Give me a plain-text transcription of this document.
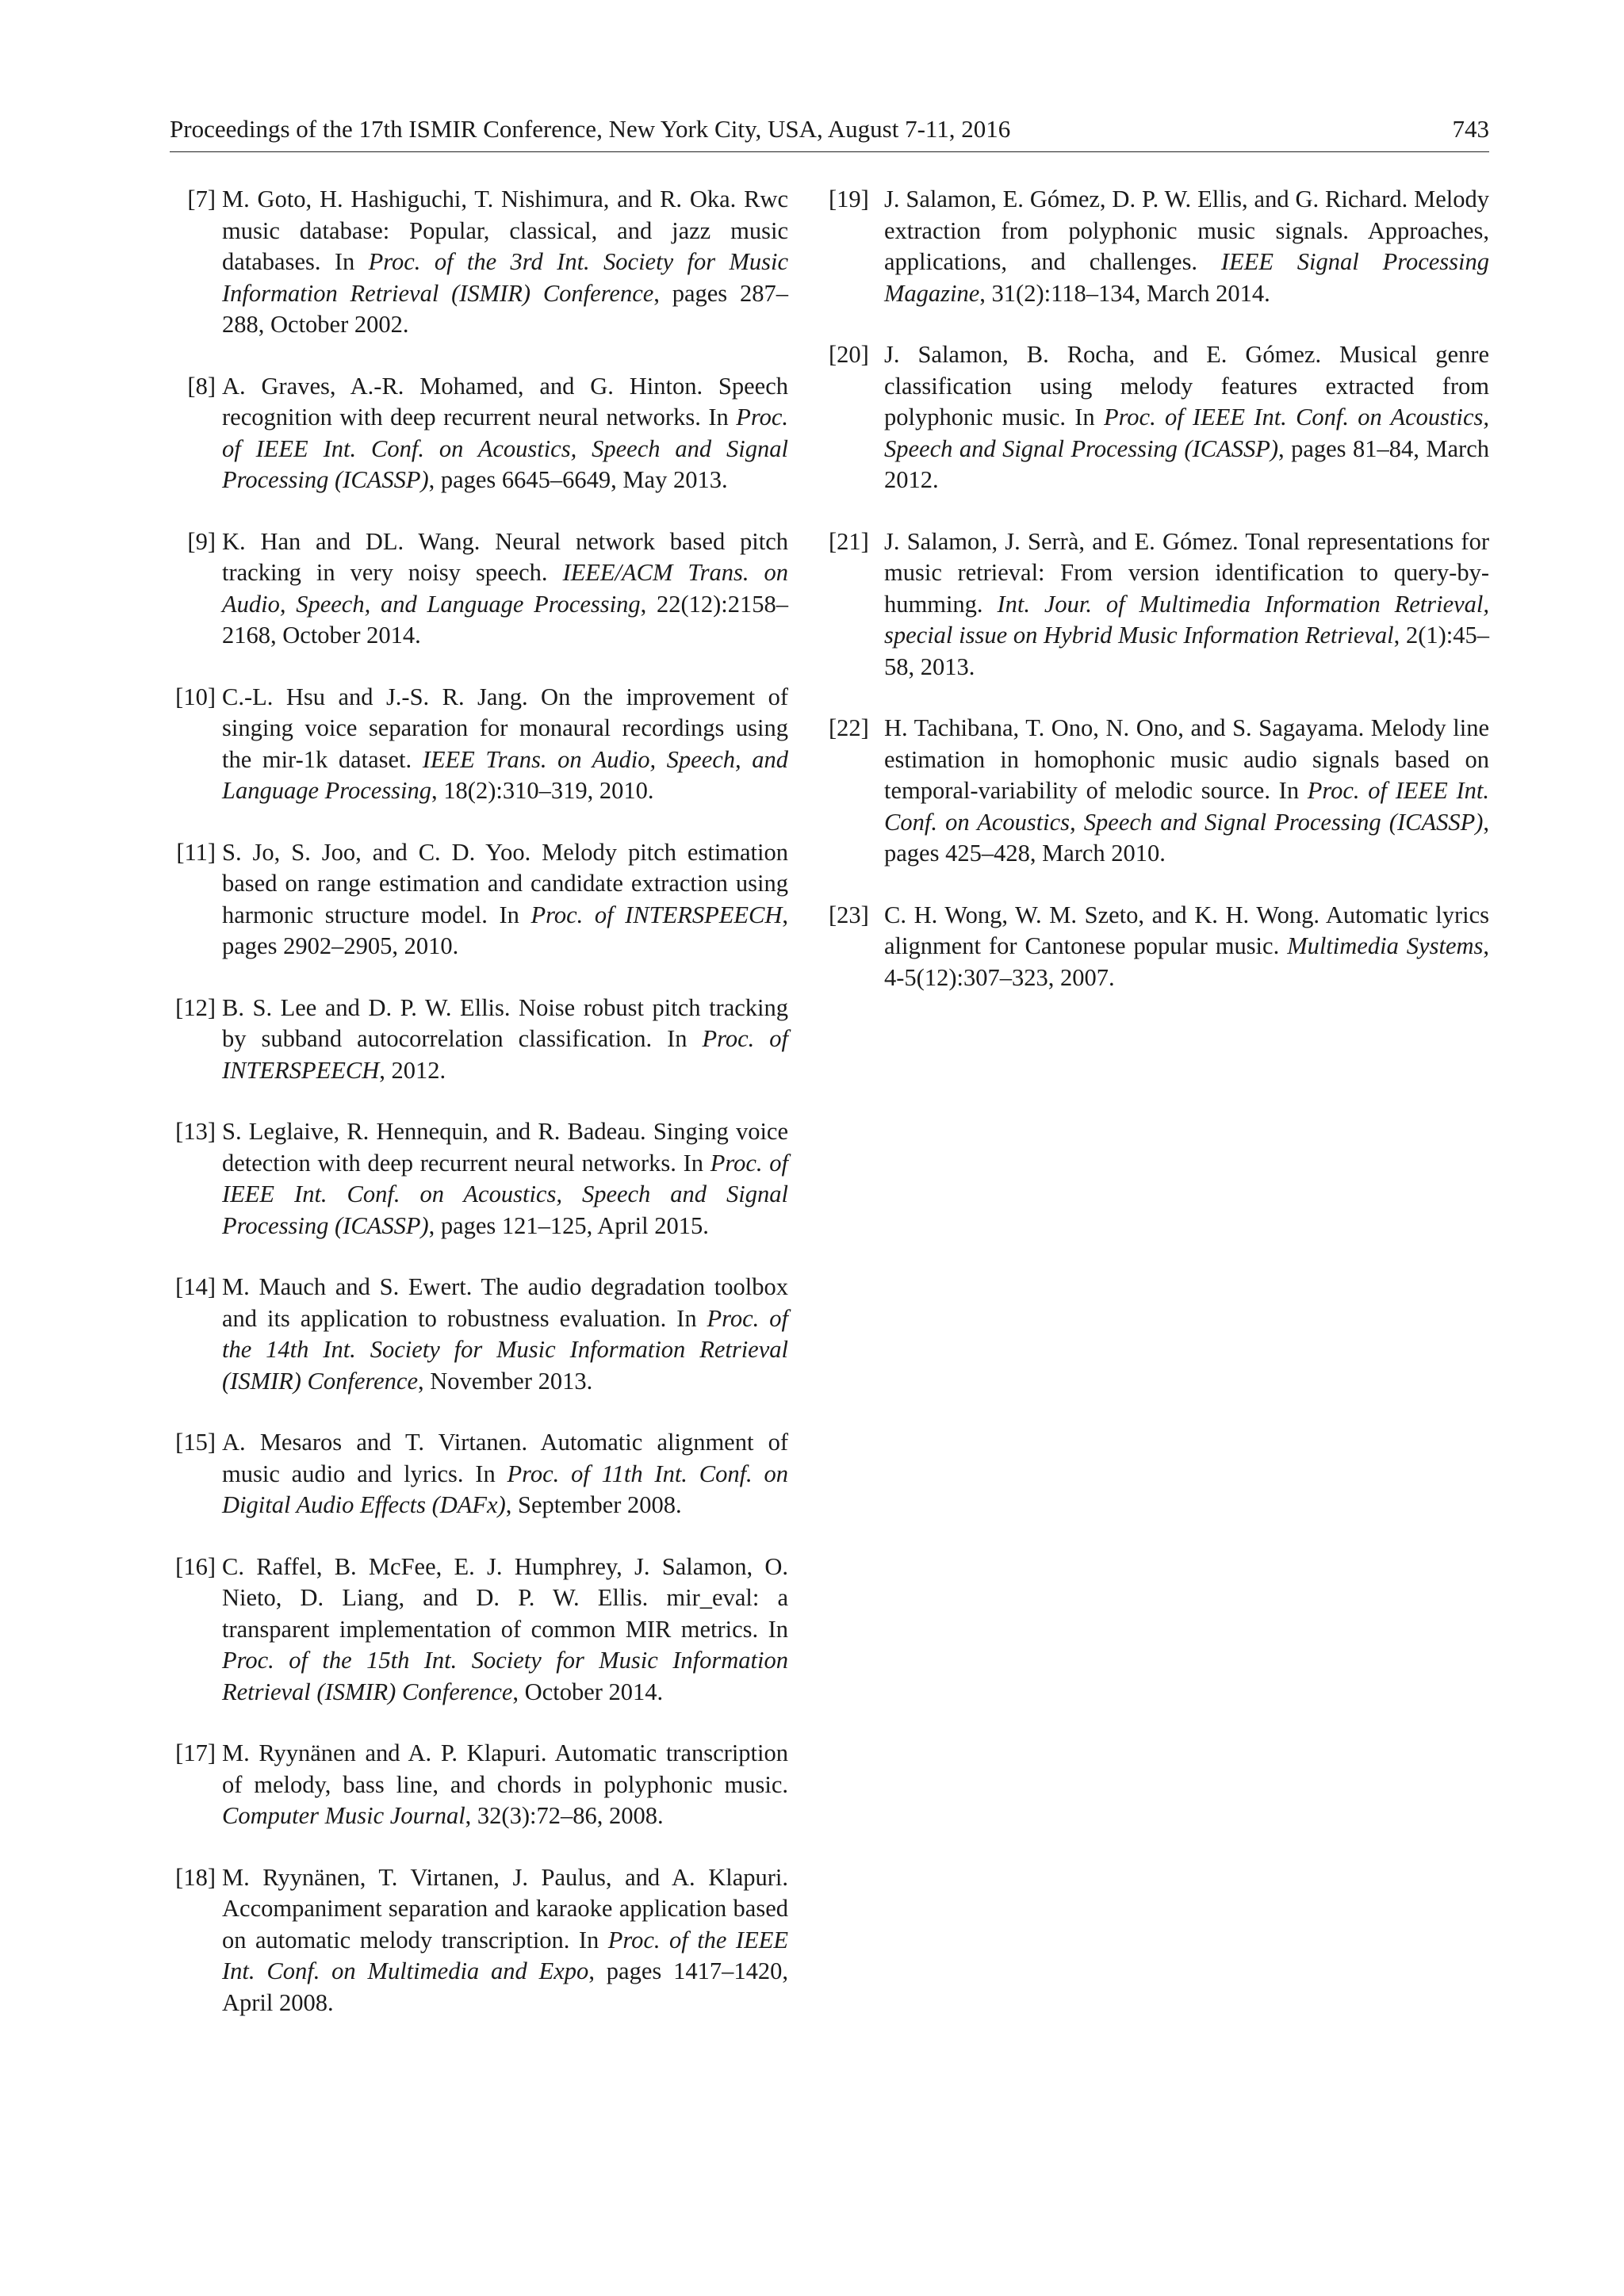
Proceedings of the 17th ISMIR Conference, New York City, USA, August 7-11, 2016	743
[7] M. Goto, H. Hashiguchi, T. Nishimura, and R. Oka. Rwc music database: Popular, classical, and jazz music databases. In Proc. of the 3rd Int. Society for Music Information Retrieval (ISMIR) Conference, pages 287–288, October 2002.
[8] A. Graves, A.-R. Mohamed, and G. Hinton. Speech recognition with deep recurrent neural networks. In Proc. of IEEE Int. Conf. on Acoustics, Speech and Signal Processing (ICASSP), pages 6645–6649, May 2013.
[9] K. Han and DL. Wang. Neural network based pitch tracking in very noisy speech. IEEE/ACM Trans. on Audio, Speech, and Language Processing, 22(12):2158–2168, October 2014.
[10] C.-L. Hsu and J.-S. R. Jang. On the improvement of singing voice separation for monaural recordings using the mir-1k dataset. IEEE Trans. on Audio, Speech, and Language Processing, 18(2):310–319, 2010.
[11] S. Jo, S. Joo, and C. D. Yoo. Melody pitch estimation based on range estimation and candidate extraction using harmonic structure model. In Proc. of INTERSPEECH, pages 2902–2905, 2010.
[12] B. S. Lee and D. P. W. Ellis. Noise robust pitch tracking by subband autocorrelation classification. In Proc. of INTERSPEECH, 2012.
[13] S. Leglaive, R. Hennequin, and R. Badeau. Singing voice detection with deep recurrent neural networks. In Proc. of IEEE Int. Conf. on Acoustics, Speech and Signal Processing (ICASSP), pages 121–125, April 2015.
[14] M. Mauch and S. Ewert. The audio degradation toolbox and its application to robustness evaluation. In Proc. of the 14th Int. Society for Music Information Retrieval (ISMIR) Conference, November 2013.
[15] A. Mesaros and T. Virtanen. Automatic alignment of music audio and lyrics. In Proc. of 11th Int. Conf. on Digital Audio Effects (DAFx), September 2008.
[16] C. Raffel, B. McFee, E. J. Humphrey, J. Salamon, O. Nieto, D. Liang, and D. P. W. Ellis. mir_eval: a transparent implementation of common MIR metrics. In Proc. of the 15th Int. Society for Music Information Retrieval (ISMIR) Conference, October 2014.
[17] M. Ryynänen and A. P. Klapuri. Automatic transcription of melody, bass line, and chords in polyphonic music. Computer Music Journal, 32(3):72–86, 2008.
[18] M. Ryynänen, T. Virtanen, J. Paulus, and A. Klapuri. Accompaniment separation and karaoke application based on automatic melody transcription. In Proc. of the IEEE Int. Conf. on Multimedia and Expo, pages 1417–1420, April 2008.
[19] J. Salamon, E. Gómez, D. P. W. Ellis, and G. Richard. Melody extraction from polyphonic music signals. Approaches, applications, and challenges. IEEE Signal Processing Magazine, 31(2):118–134, March 2014.
[20] J. Salamon, B. Rocha, and E. Gómez. Musical genre classification using melody features extracted from polyphonic music. In Proc. of IEEE Int. Conf. on Acoustics, Speech and Signal Processing (ICASSP), pages 81–84, March 2012.
[21] J. Salamon, J. Serrà, and E. Gómez. Tonal representations for music retrieval: From version identification to query-by-humming. Int. Jour. of Multimedia Information Retrieval, special issue on Hybrid Music Information Retrieval, 2(1):45–58, 2013.
[22] H. Tachibana, T. Ono, N. Ono, and S. Sagayama. Melody line estimation in homophonic music audio signals based on temporal-variability of melodic source. In Proc. of IEEE Int. Conf. on Acoustics, Speech and Signal Processing (ICASSP), pages 425–428, March 2010.
[23] C. H. Wong, W. M. Szeto, and K. H. Wong. Automatic lyrics alignment for Cantonese popular music. Multimedia Systems, 4-5(12):307–323, 2007.
